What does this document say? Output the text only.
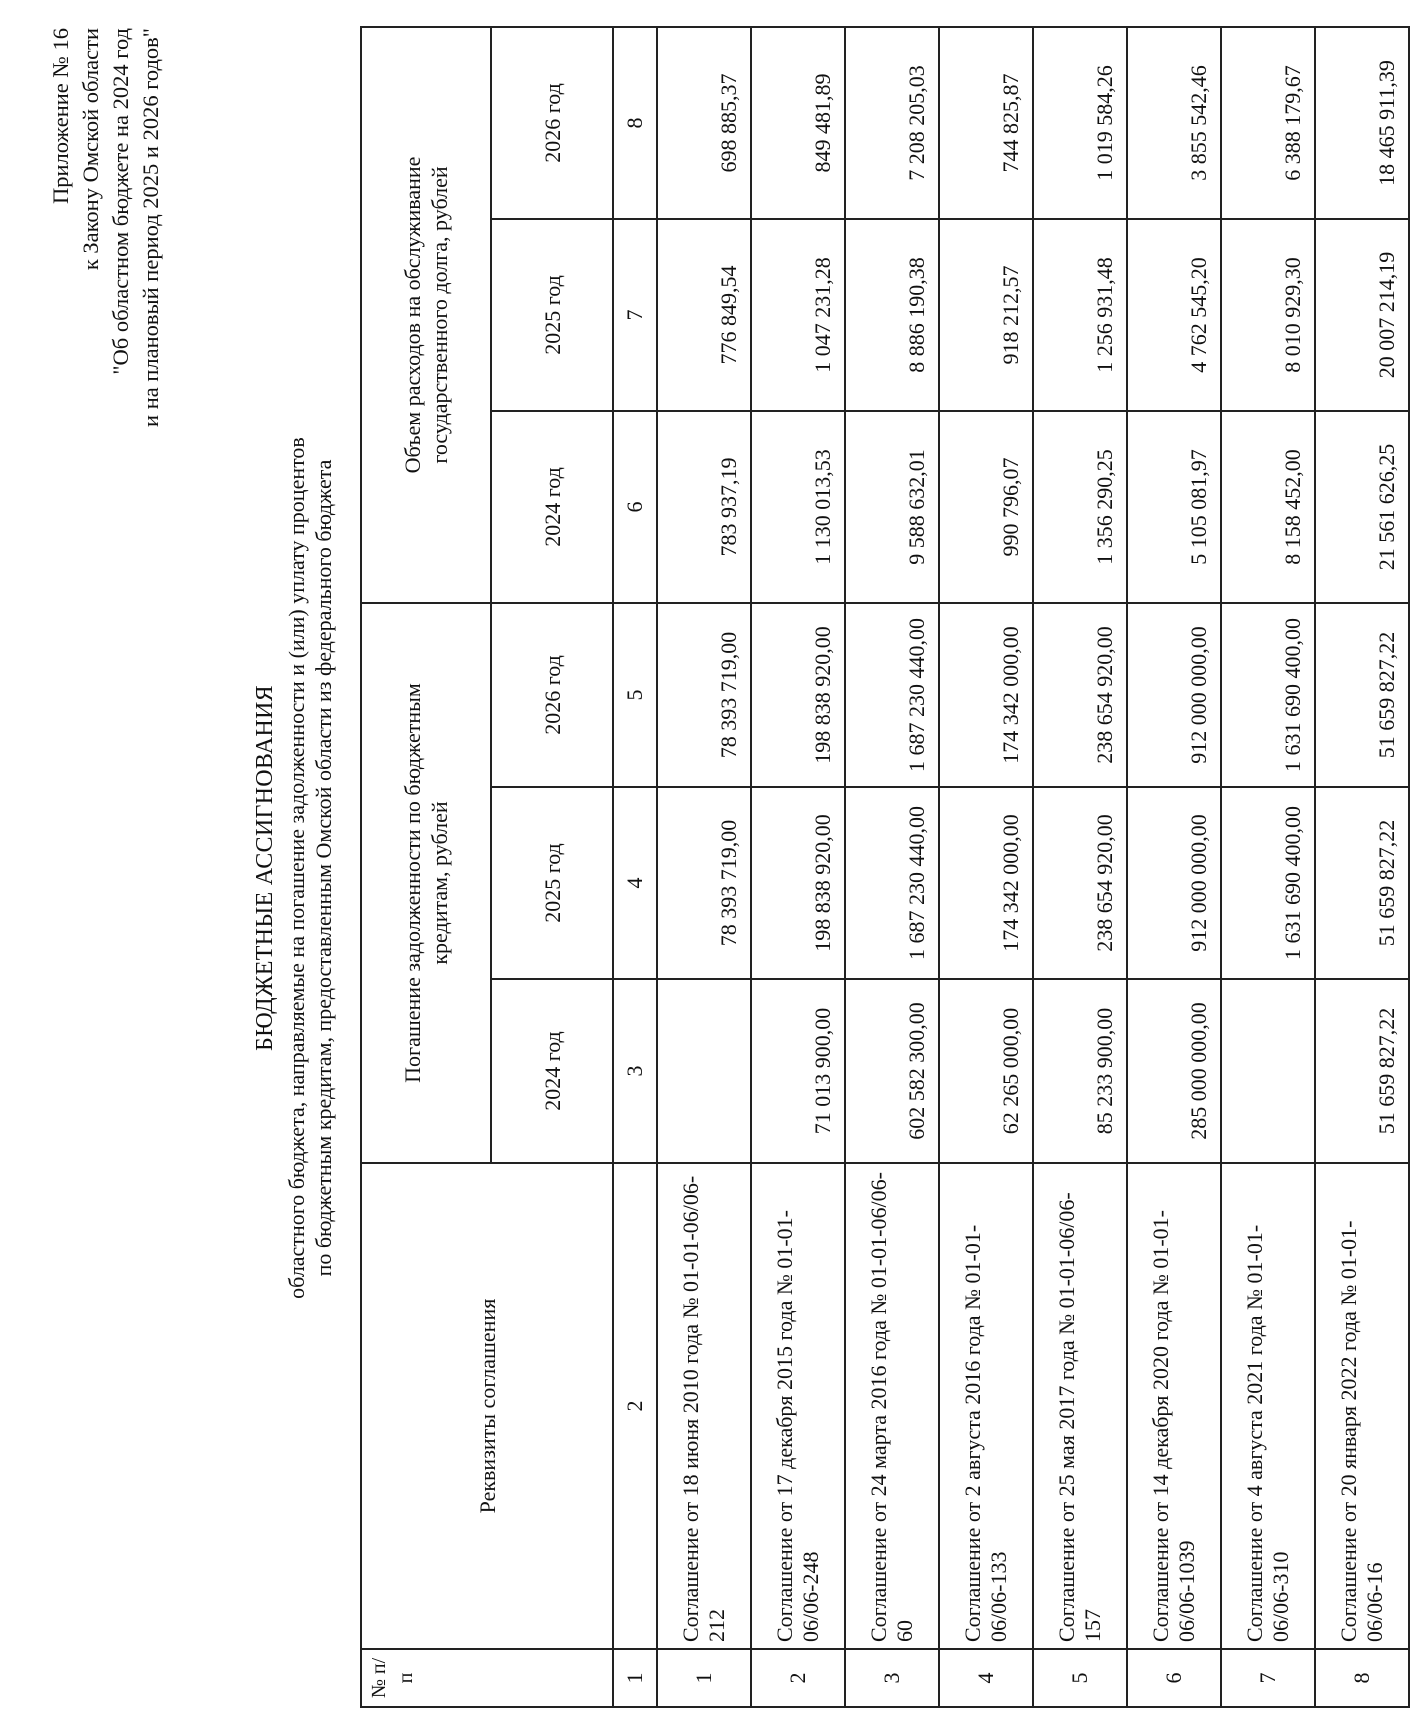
Приложение № 16 к Закону Омской области "Об областном бюджете на 2024 год и на плановый период 2025 и 2026 годов"
БЮДЖЕТНЫЕ АССИГНОВАНИЯ областного бюджета, направляемые на погашение задолженности и (или) уплату процентов по бюджетным кредитам, предоставленным Омской области из федерального бюджета
№ п/п	Реквизиты соглашения	Погашение задолженности по бюджетным кредитам, рублей			Объем расходов на обслуживание государственного долга, рублей		
		2024 год	2025 год	2026 год	2024 год	2025 год	2026 год
1	2	3	4	5	6	7	8
1	Соглашение от 18 июня 2010 года № 01-01-06/06-212		78 393 719,00	78 393 719,00	783 937,19	776 849,54	698 885,37
2	Соглашение от 17 декабря 2015 года № 01-01-06/06-248	71 013 900,00	198 838 920,00	198 838 920,00	1 130 013,53	1 047 231,28	849 481,89
3	Соглашение от 24 марта 2016 года № 01-01-06/06-60	602 582 300,00	1 687 230 440,00	1 687 230 440,00	9 588 632,01	8 886 190,38	7 208 205,03
4	Соглашение от 2 августа 2016 года № 01-01-06/06-133	62 265 000,00	174 342 000,00	174 342 000,00	990 796,07	918 212,57	744 825,87
5	Соглашение от 25 мая 2017 года № 01-01-06/06-157	85 233 900,00	238 654 920,00	238 654 920,00	1 356 290,25	1 256 931,48	1 019 584,26
6	Соглашение от 14 декабря 2020 года № 01-01-06/06-1039	285 000 000,00	912 000 000,00	912 000 000,00	5 105 081,97	4 762 545,20	3 855 542,46
7	Соглашение от 4 августа 2021 года № 01-01-06/06-310		1 631 690 400,00	1 631 690 400,00	8 158 452,00	8 010 929,30	6 388 179,67
8	Соглашение от 20 января 2022 года № 01-01-06/06-16	51 659 827,22	51 659 827,22	51 659 827,22	21 561 626,25	20 007 214,19	18 465 911,39
